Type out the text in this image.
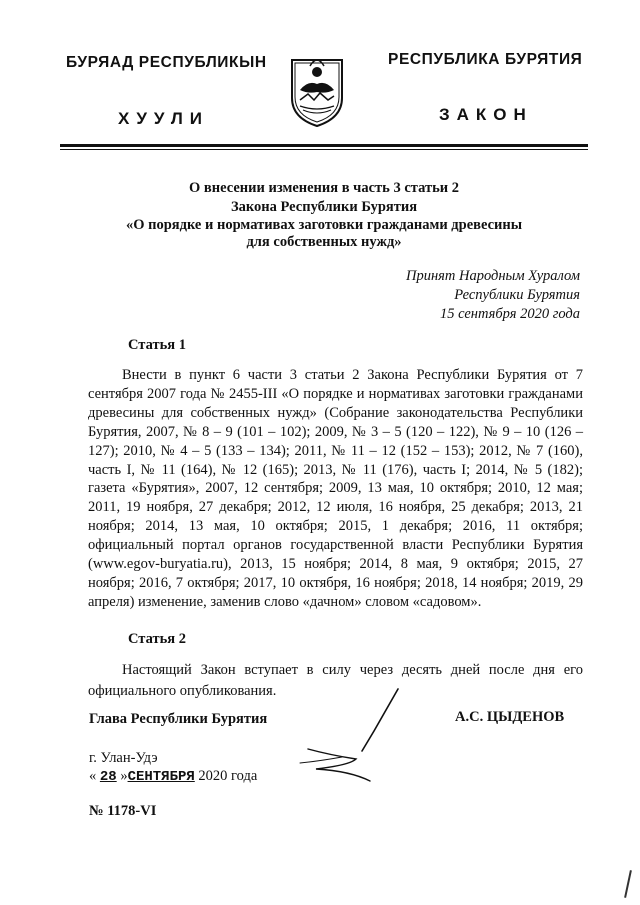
БУРЯАД РЕСПУБЛИКЫН
ХУУЛИ
РЕСПУБЛИКА БУРЯТИЯ
ЗАКОН
О внесении изменения в часть 3 статьи 2
Закона Республики Бурятия
«О порядке и нормативах заготовки гражданами древесины
для собственных нужд»
Принят Народным Хуралом
Республики Бурятия
15 сентября 2020 года
Статья 1
Внести в пункт 6 части 3 статьи 2 Закона Республики Бурятия от 7 сентября 2007 года № 2455-III «О порядке и нормативах заготовки гражданами древесины для собственных нужд» (Собрание законодательства Республики Бурятия, 2007, № 8 – 9 (101 – 102); 2009, № 3 – 5 (120 – 122), № 9 – 10 (126 – 127); 2010, № 4 – 5 (133 – 134); 2011, № 11 – 12 (152 – 153); 2012, № 7 (160), часть I, № 11 (164), № 12 (165); 2013, № 11 (176), часть I; 2014, № 5 (182); газета «Бурятия», 2007, 12 сентября; 2009, 13 мая, 10 октября; 2010, 12 мая; 2011, 19 ноября, 27 декабря; 2012, 12 июля, 16 ноября, 25 декабря; 2013, 21 ноября; 2014, 13 мая, 10 октября; 2015, 1 декабря; 2016, 11 октября; официальный портал органов государственной власти Республики Бурятия (www.egov-buryatia.ru), 2013, 15 ноября; 2014, 8 мая, 9 октября; 2015, 27 ноября; 2016, 7 октября; 2017, 10 октября, 16 ноября; 2018, 14 ноября; 2019, 29 апреля) изменение, заменив слово «дачном» словом «садовом».
Статья 2
Настоящий Закон вступает в силу через десять дней после дня его официального опубликования.
Глава Республики Бурятия	А.С. ЦЫДЕНОВ
г. Улан-Удэ
« 28 »СЕНТЯБРЯ 2020 года
№ 1178-VI
